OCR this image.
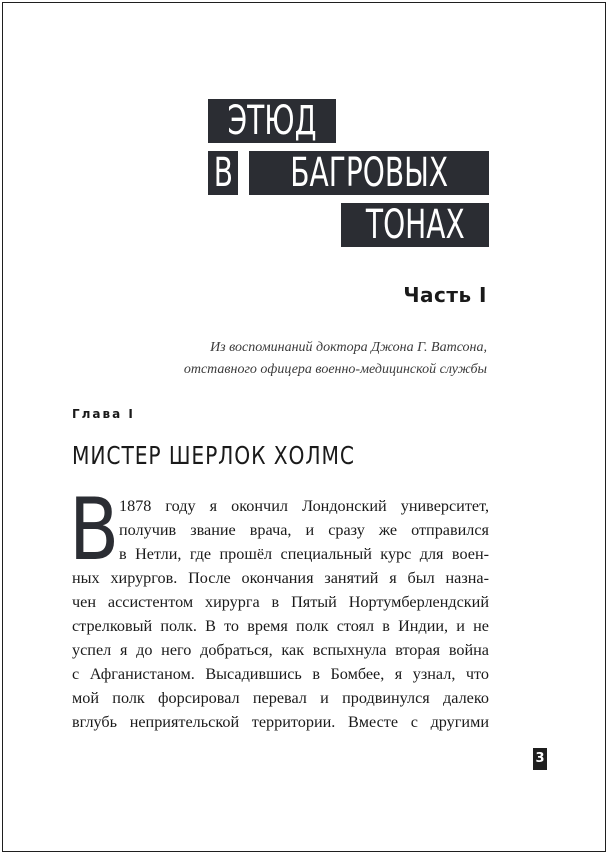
ЭТЮД
В	БАГРОВЫХ
ТОНАХ
Часть I
Из воспоминаний доктора Джона Г. Ватсона,
отставного офицера военно-медицинской службы
Глава I
МИСТЕР ШЕРЛОК ХОЛМС
В 1878 году я окончил Лондонский университет,
получив звание врача, и сразу же отправился
в Нетли, где прошёл специальный курс для воен-
ных хирургов. После окончания занятий я был назна-
чен ассистентом хирурга в Пятый Нортумберлендский
стрелковый полк. В то время полк стоял в Индии, и не
успел я до него добраться, как вспыхнула вторая война
с Афганистаном. Высадившись в Бомбее, я узнал, что
мой полк форсировал перевал и продвинулся далеко
вглубь неприятельской территории. Вместе с другими
3
